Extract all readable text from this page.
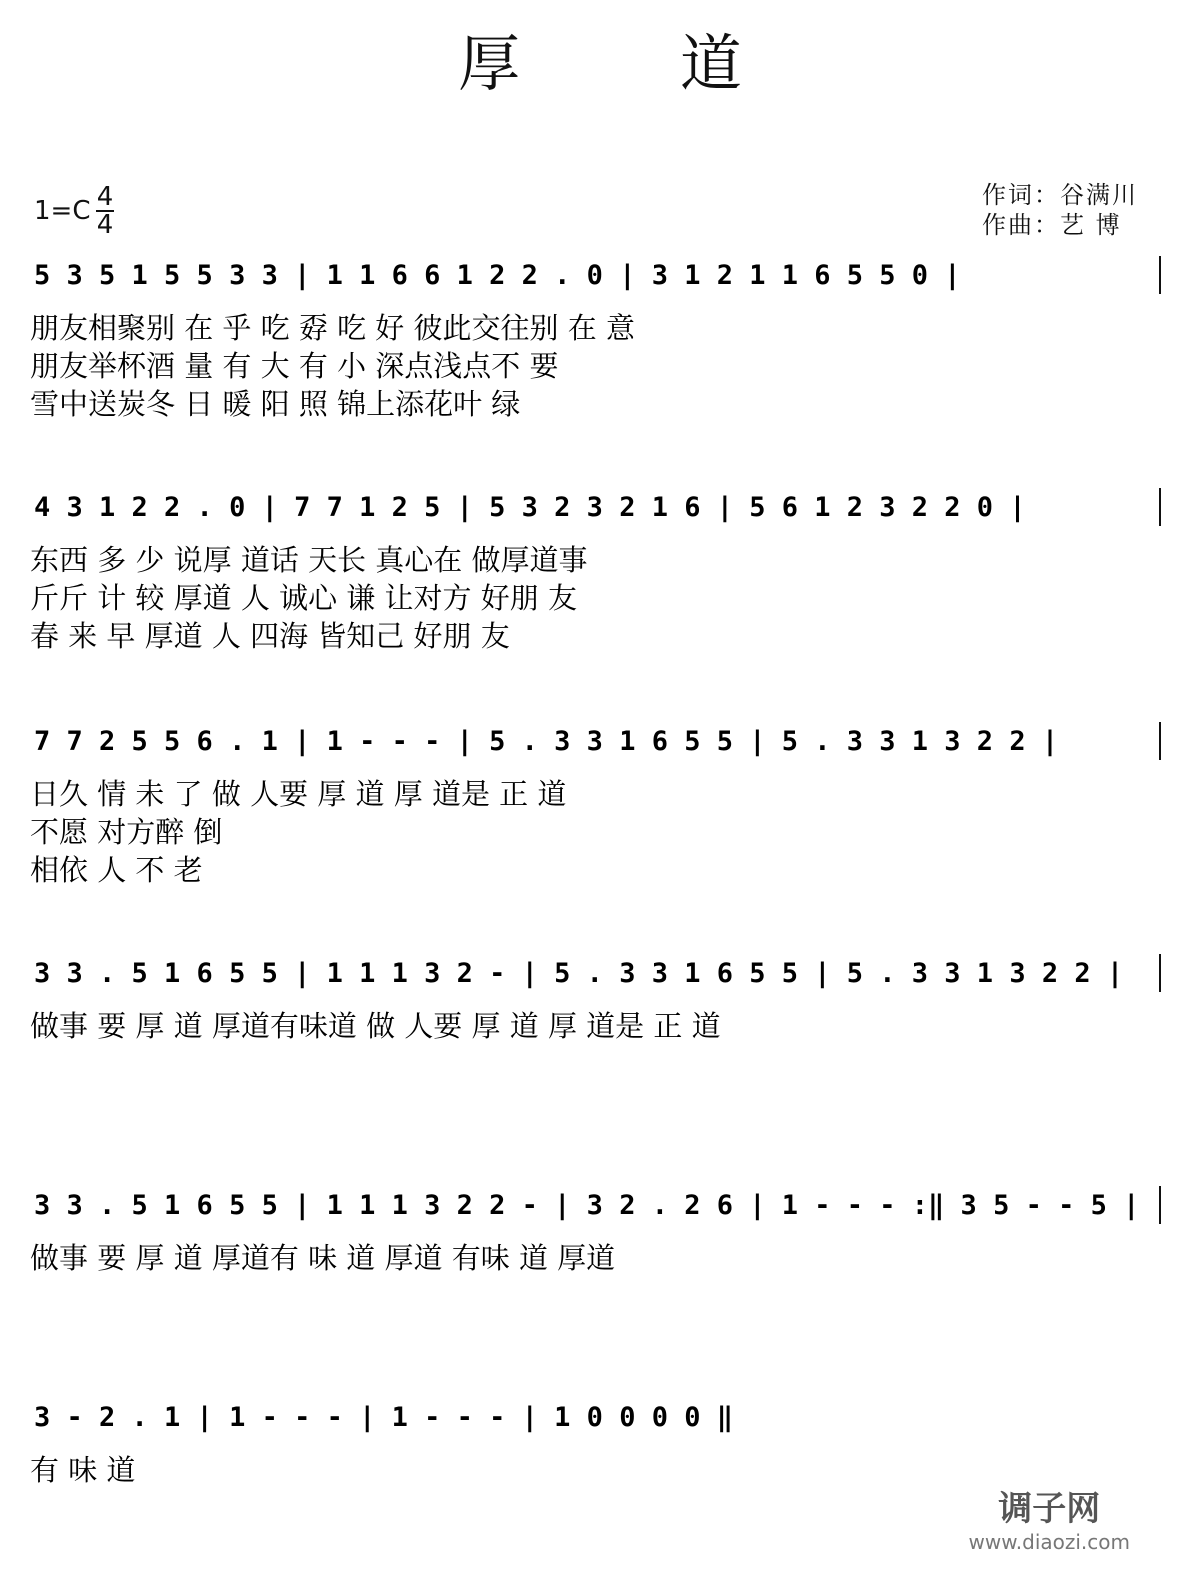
厚 道
1=C 4
4
作词：谷满川
作曲：艺 博
5 3 5 1 5 5 3 3 | 1 1 6 6 1 2 2 . 0 | 3 1 2 1 1 6 5 5 0 |
朋友相聚别 在 乎 吃 孬 吃 好 彼此交往别 在 意
朋友举杯酒 量 有 大 有 小 深点浅点不 要
雪中送炭冬 日 暖 阳 照 锦上添花叶 绿
4 3 1 2 2 . 0 | 7 7 1 2 5 | 5 3 2 3 2 1 6 | 5 6 1 2 3 2 2 0 |
东西 多 少 说厚 道话 天长 真心在 做厚道事
斤斤 计 较 厚道 人 诚心 谦 让对方 好朋 友
春 来 早 厚道 人 四海 皆知己 好朋 友
7 7 2 5 5 6 . 1 | 1 - - - | 5 . 3 3 1 6 5 5 | 5 . 3 3 1 3 2 2 |
日久 情 未 了 做 人要 厚 道 厚 道是 正 道
不愿 对方醉 倒
相依 人 不 老
3 3 . 5 1 6 5 5 | 1 1 1 3 2 - | 5 . 3 3 1 6 5 5 | 5 . 3 3 1 3 2 2 |
做事 要 厚 道 厚道有味道 做 人要 厚 道 厚 道是 正 道
3 3 . 5 1 6 5 5 | 1 1 1 3 2 2 - | 3 2 . 2 6 | 1 - - - :‖ 3 5 - - 5 |
做事 要 厚 道 厚道有 味 道 厚道 有味 道 厚道
3 - 2 . 1 | 1 - - - | 1 - - - | 1 0 0 0 0 ‖
有 味 道
调子网
www.diaozi.com
